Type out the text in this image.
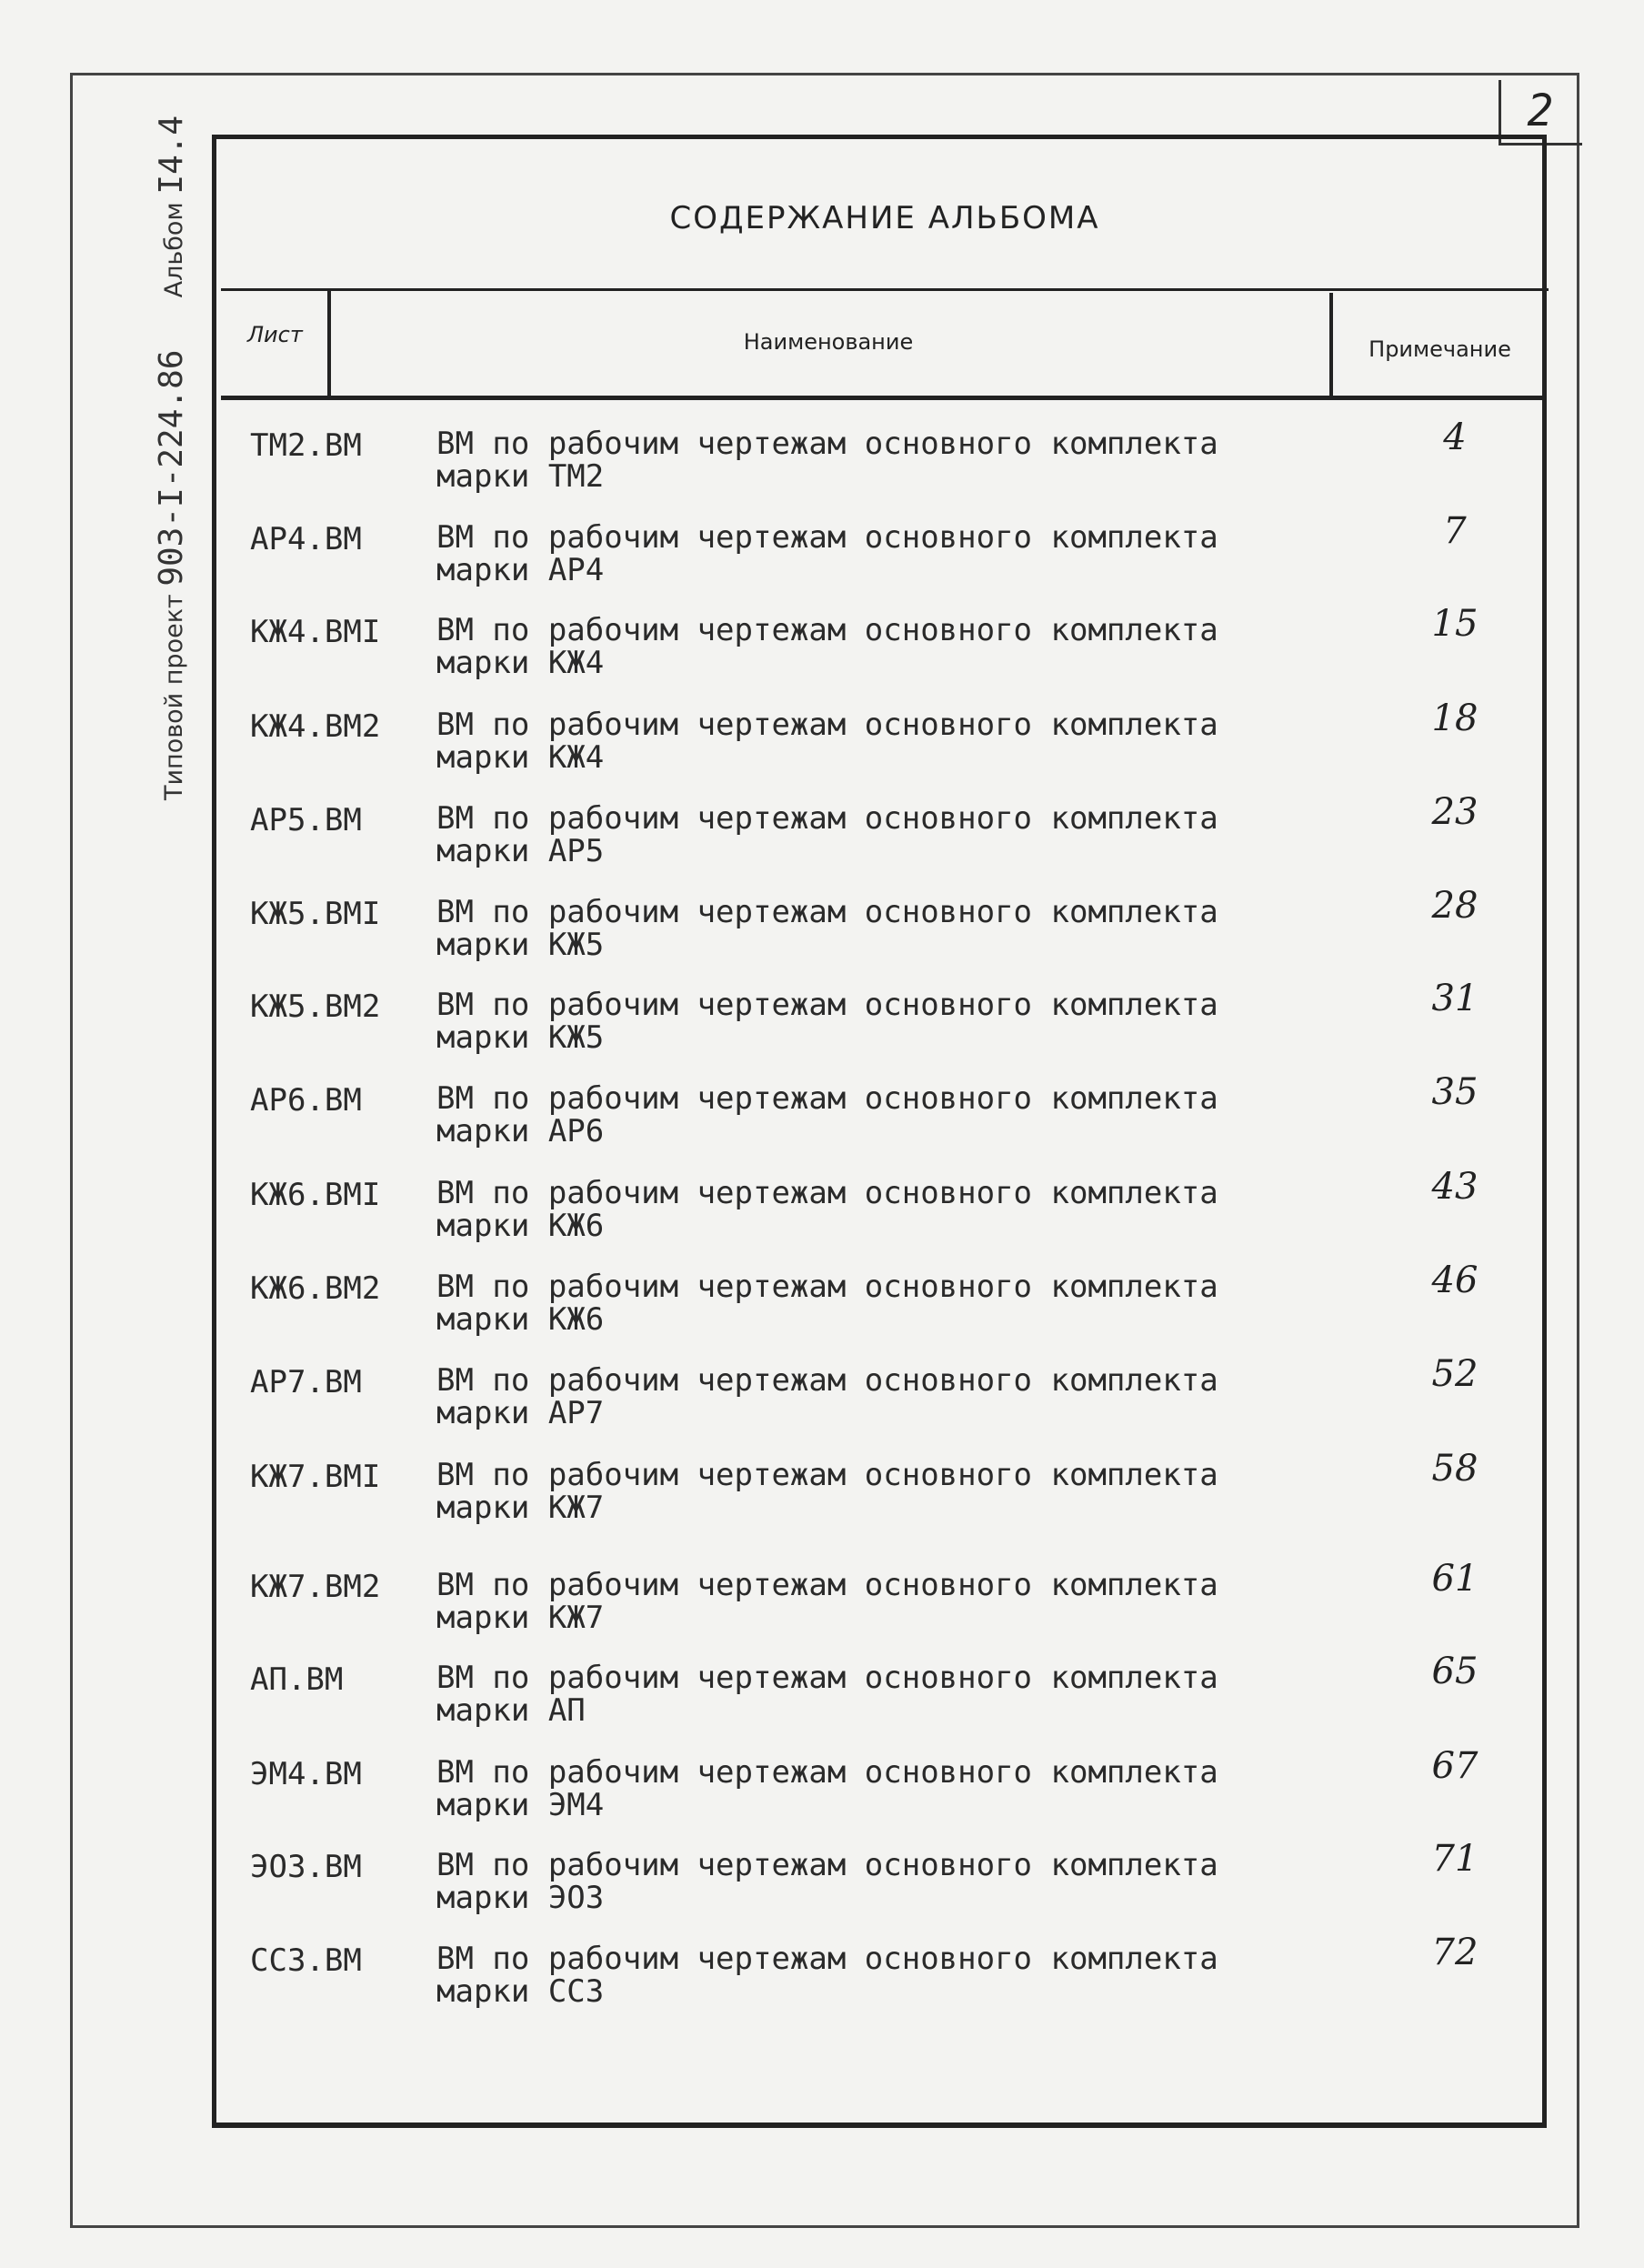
2
Типовой проект 903-I-224.86  Альбом I4.4
СОДЕРЖАНИЕ АЛЬБОМА
Лист	Наименование	Примечание
ТМ2.ВМ ВМ по рабочим чертежам основного комплекта
марки ТМ2
4
АР4.ВМ ВМ по рабочим чертежам основного комплекта
марки АР4
7
КЖ4.ВМI ВМ по рабочим чертежам основного комплекта
марки КЖ4
15
КЖ4.ВМ2 ВМ по рабочим чертежам основного комплекта
марки КЖ4
18
АР5.ВМ ВМ по рабочим чертежам основного комплекта
марки АР5
23
КЖ5.ВМI ВМ по рабочим чертежам основного комплекта
марки КЖ5
28
КЖ5.ВМ2 ВМ по рабочим чертежам основного комплекта
марки КЖ5
31
АР6.ВМ ВМ по рабочим чертежам основного комплекта
марки АР6
35
КЖ6.ВМI ВМ по рабочим чертежам основного комплекта
марки КЖ6
43
КЖ6.ВМ2 ВМ по рабочим чертежам основного комплекта
марки КЖ6
46
АР7.ВМ ВМ по рабочим чертежам основного комплекта
марки АР7
52
КЖ7.ВМI ВМ по рабочим чертежам основного комплекта
марки КЖ7
58
КЖ7.ВМ2 ВМ по рабочим чертежам основного комплекта
марки КЖ7
61
АП.ВМ	ВМ по рабочим чертежам основного комплекта
марки АП
65
ЭМ4.ВМ ВМ по рабочим чертежам основного комплекта
марки ЭМ4
67
ЭОЗ.ВМ ВМ по рабочим чертежам основного комплекта
марки ЭОЗ
71
ССЗ.ВМ ВМ по рабочим чертежам основного комплекта
марки ССЗ
72
